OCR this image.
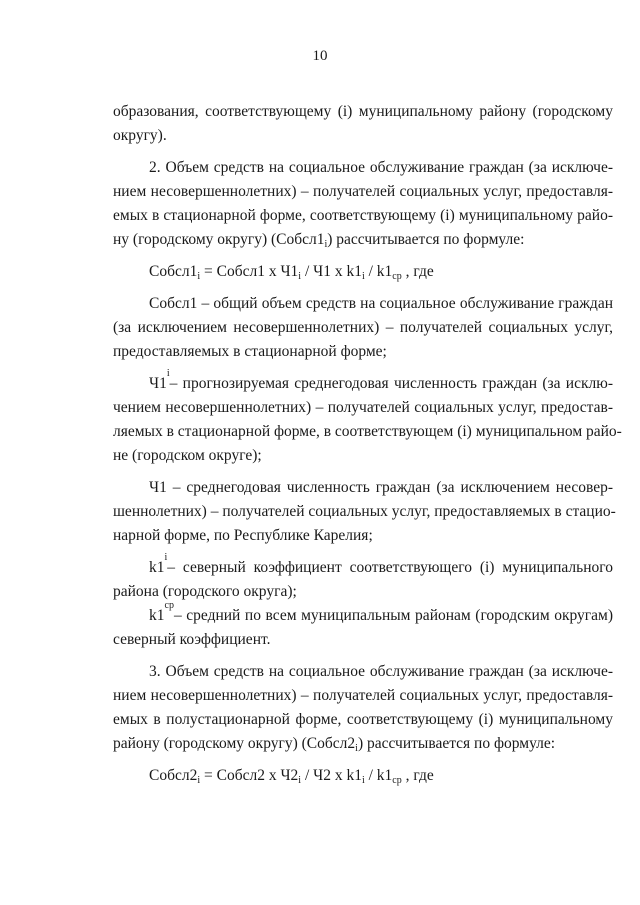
10
образования, соответствующему (i) муниципальному району (городскому
округу).
2. Объем средств на социальное обслуживание граждан (за исключе-
нием несовершеннолетних) – получателей социальных услуг, предоставля-
емых в стационарной форме, соответствующему (i) муниципальному райо-
ну (городскому округу) $(Собсл1_i)$ рассчитывается по формуле:
$Собсл1_i$ = Собсл1 х $Ч1_i / Ч1$ х $k1_i / k1_{ср}$ , где
Собсл1 – общий объем средств на социальное обслуживание граждан
(за исключением несовершеннолетних) – получателей социальных услуг,
предоставляемых в стационарной форме;
Ч1
i
– прогнозируемая среднегодовая численность граждан (за исклю-
чением несовершеннолетних) – получателей социальных услуг, предостав-
ляемых в стационарной форме, в соответствующем (i) муниципальном райо-
не (городском округе);
Ч1 – среднегодовая численность граждан (за исключением несовер-
шеннолетних) – получателей социальных услуг, предоставляемых в стацио-
нарной форме, по Республике Карелия;
k1
i
– северный коэффициент соответствующего (i) муниципального
района (городского округа);
k1
ср
– средний по всем муниципальным районам (городским округам)
северный коэффициент.
3. Объем средств на социальное обслуживание граждан (за исключе-
нием несовершеннолетних) – получателей социальных услуг, предоставля-
емых в полустационарной форме, соответствующему (i) муниципальному
району (городскому округу) $(Собсл2_i)$ рассчитывается по формуле:
$Собсл2_i$ = Собсл2 х $Ч2_i / Ч2$ х $k1_i / k1_{ср}$ , где
